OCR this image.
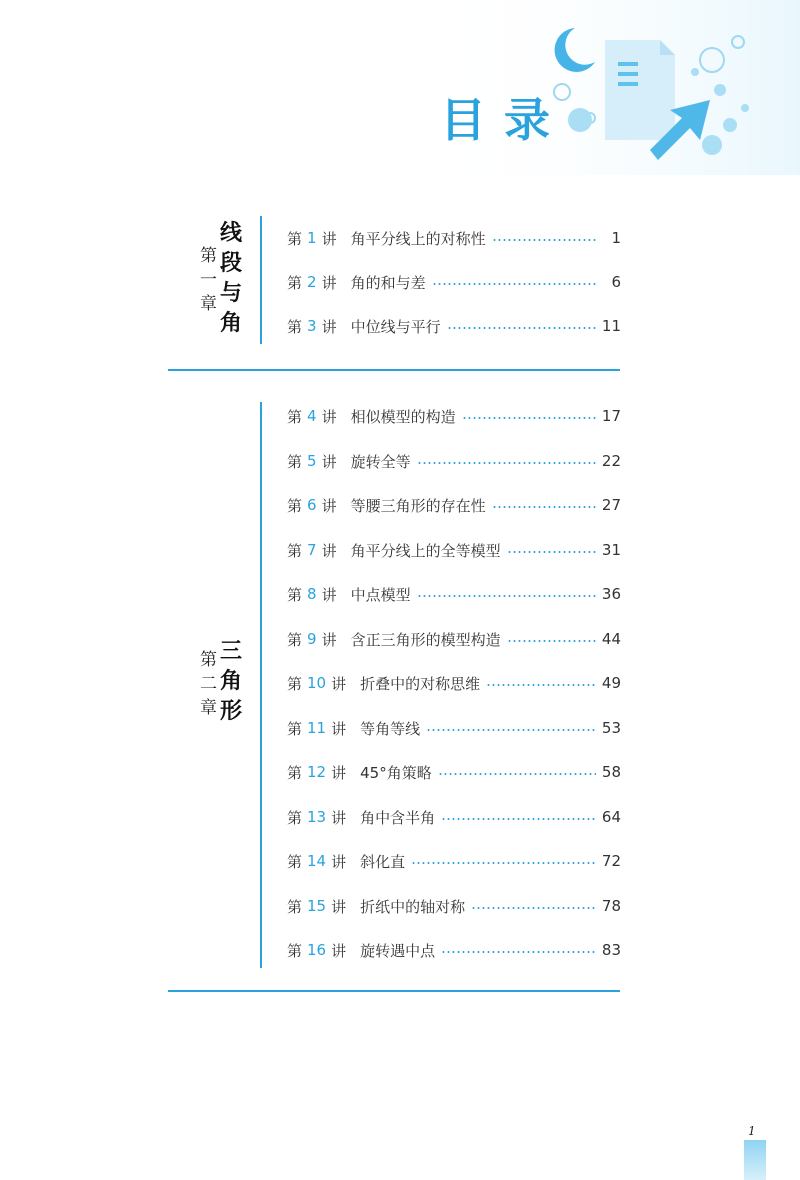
目录
第
一
章
线
段
与
角
第 1 讲 角平分线上的对称性	1
第 2 讲 角的和与差	6
第 3 讲 中位线与平行	11
第
二
章
三
角
形
第 4 讲 相似模型的构造	17
第 5 讲 旋转全等	22
第 6 讲 等腰三角形的存在性	27
第 7 讲 角平分线上的全等模型	31
第 8 讲 中点模型	36
第 9 讲 含正三角形的模型构造	44
第 10 讲 折叠中的对称思维	49
第 11 讲 等角等线	53
第 12 讲 45°角策略	58
第 13 讲 角中含半角	64
第 14 讲 斜化直	72
第 15 讲 折纸中的轴对称	78
第 16 讲 旋转遇中点	83
1
